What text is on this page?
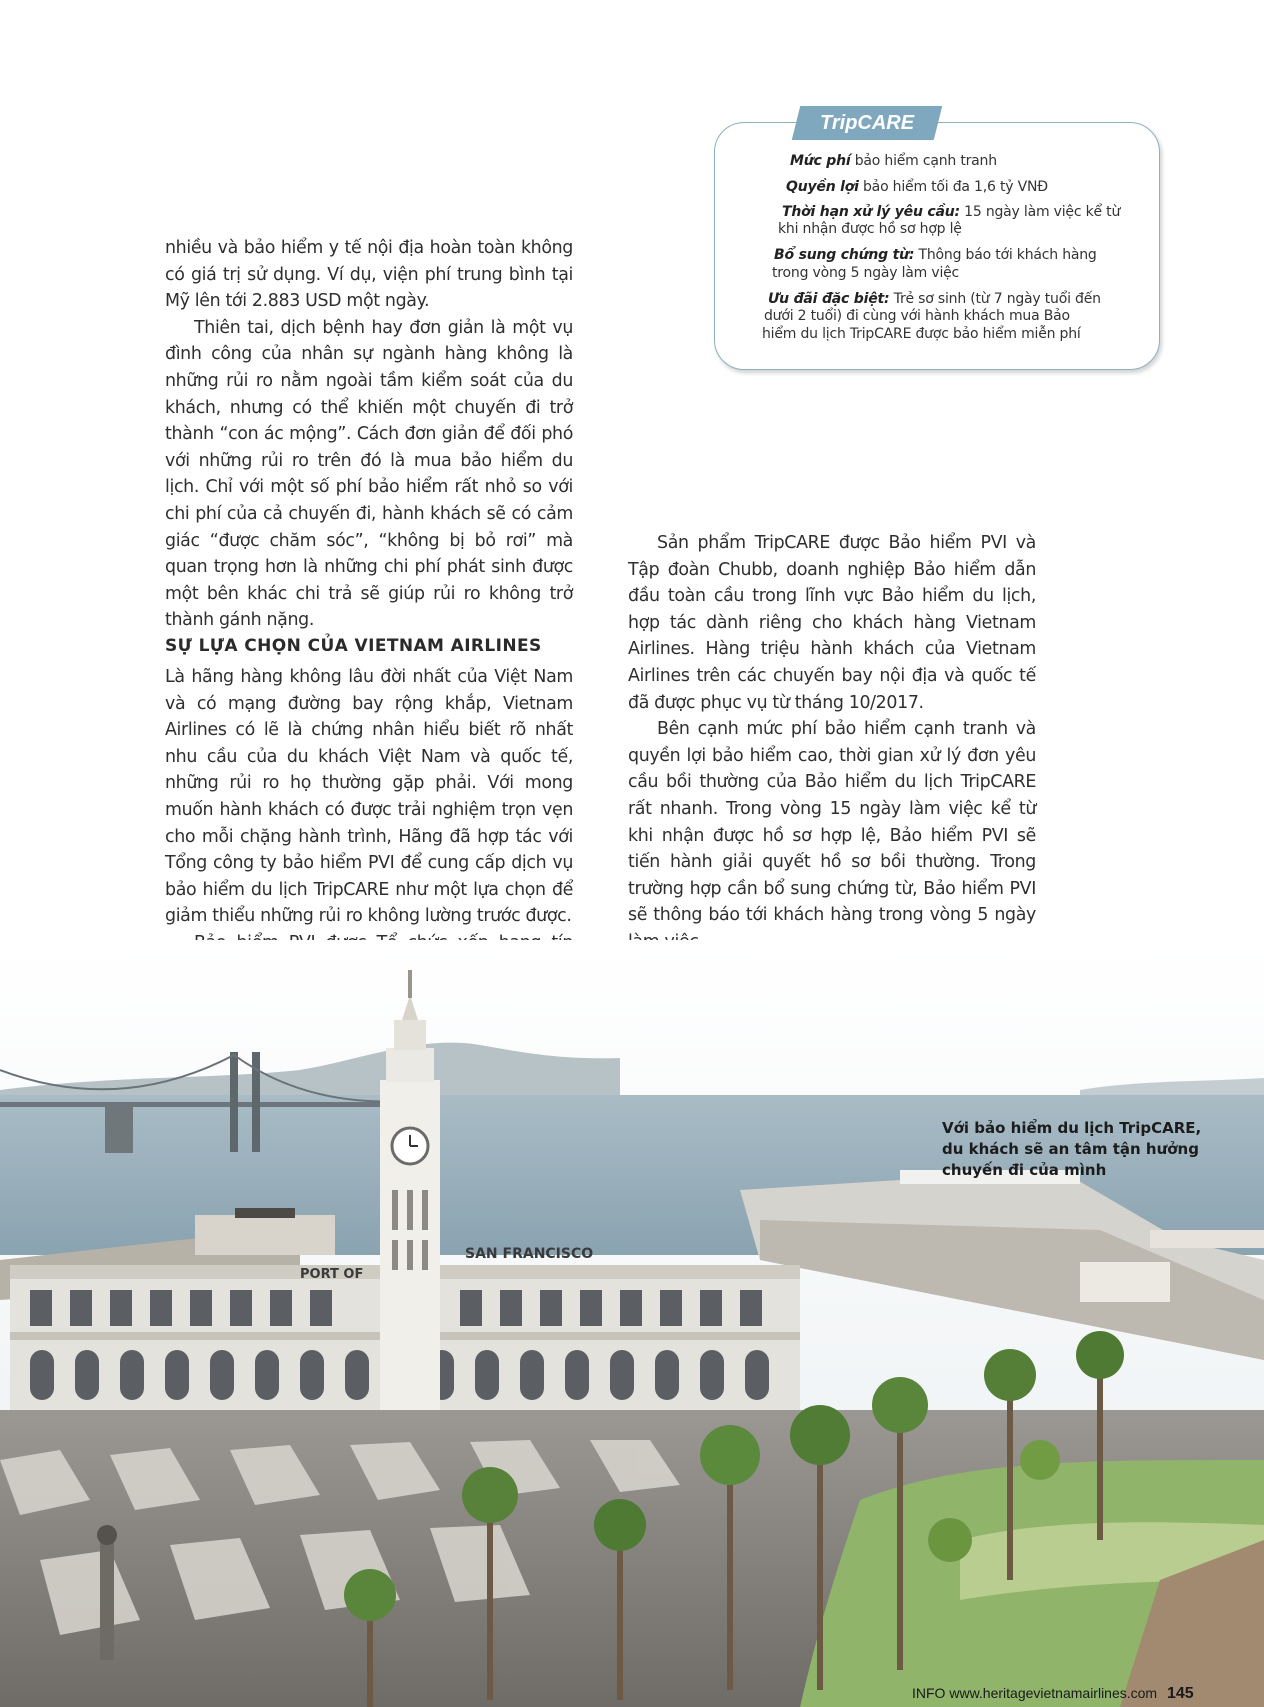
TripCARE
Mức phí bảo hiểm cạnh tranh
Quyền lợi bảo hiểm tối đa 1,6 tỷ VNĐ
Thời hạn xử lý yêu cầu: 15 ngày làm việc kể từ
khi nhận được hồ sơ hợp lệ
Bổ sung chứng từ: Thông báo tới khách hàng
trong vòng 5 ngày làm việc
Ưu đãi đặc biệt: Trẻ sơ sinh (từ 7 ngày tuổi đến
dưới 2 tuổi) đi cùng với hành khách mua Bảo
hiểm du lịch TripCARE được bảo hiểm miễn phí

nhiều và bảo hiểm y tế nội địa hoàn toàn không có giá trị sử dụng. Ví dụ, viện phí trung bình tại Mỹ lên tới 2.883 USD một ngày.

Thiên tai, dịch bệnh hay đơn giản là một vụ đình công của nhân sự ngành hàng không là những rủi ro nằm ngoài tầm kiểm soát của du khách, nhưng có thể khiến một chuyến đi trở thành “con ác mộng”. Cách đơn giản để đối phó với những rủi ro trên đó là mua bảo hiểm du lịch. Chỉ với một số phí bảo hiểm rất nhỏ so với chi phí của cả chuyến đi, hành khách sẽ có cảm giác “được chăm sóc”, “không bị bỏ rơi” mà quan trọng hơn là những chi phí phát sinh được một bên khác chi trả sẽ giúp rủi ro không trở thành gánh nặng.

SỰ LỰA CHỌN CỦA VIETNAM AIRLINES

Là hãng hàng không lâu đời nhất của Việt Nam và có mạng đường bay rộng khắp, Vietnam Airlines có lẽ là chứng nhân hiểu biết rõ nhất nhu cầu của du khách Việt Nam và quốc tế, những rủi ro họ thường gặp phải. Với mong muốn hành khách có được trải nghiệm trọn vẹn cho mỗi chặng hành trình, Hãng đã hợp tác với Tổng công ty bảo hiểm PVI để cung cấp dịch vụ bảo hiểm du lịch TripCARE như một lựa chọn để giảm thiểu những rủi ro không lường trước được.

Sản phẩm TripCARE được Bảo hiểm PVI và Tập đoàn Chubb, doanh nghiệp Bảo hiểm dẫn đầu toàn cầu trong lĩnh vực Bảo hiểm du lịch, hợp tác dành riêng cho khách hàng Vietnam Airlines. Hàng triệu hành khách của Vietnam Airlines trên các chuyến bay nội địa và quốc tế đã được phục vụ từ tháng 10/2017.

Bên cạnh mức phí bảo hiểm cạnh tranh và quyền lợi bảo hiểm cao, thời gian xử lý đơn yêu cầu bồi thường của Bảo hiểm du lịch TripCARE rất nhanh. Trong vòng 15 ngày làm việc kể từ khi nhận được hồ sơ hợp lệ, Bảo hiểm PVI sẽ tiến hành giải quyết hồ sơ bồi thường. Trong trường hợp cần bổ sung chứng từ, Bảo hiểm PVI sẽ thông báo tới khách hàng trong vòng 5 ngày

PORT OF
SAN FRANCISCO
Với bảo hiểm du lịch TripCARE,
du khách sẽ an tâm tận hưởng
chuyến đi của mình
INFO www.heritagevietnamairlines.com 145
